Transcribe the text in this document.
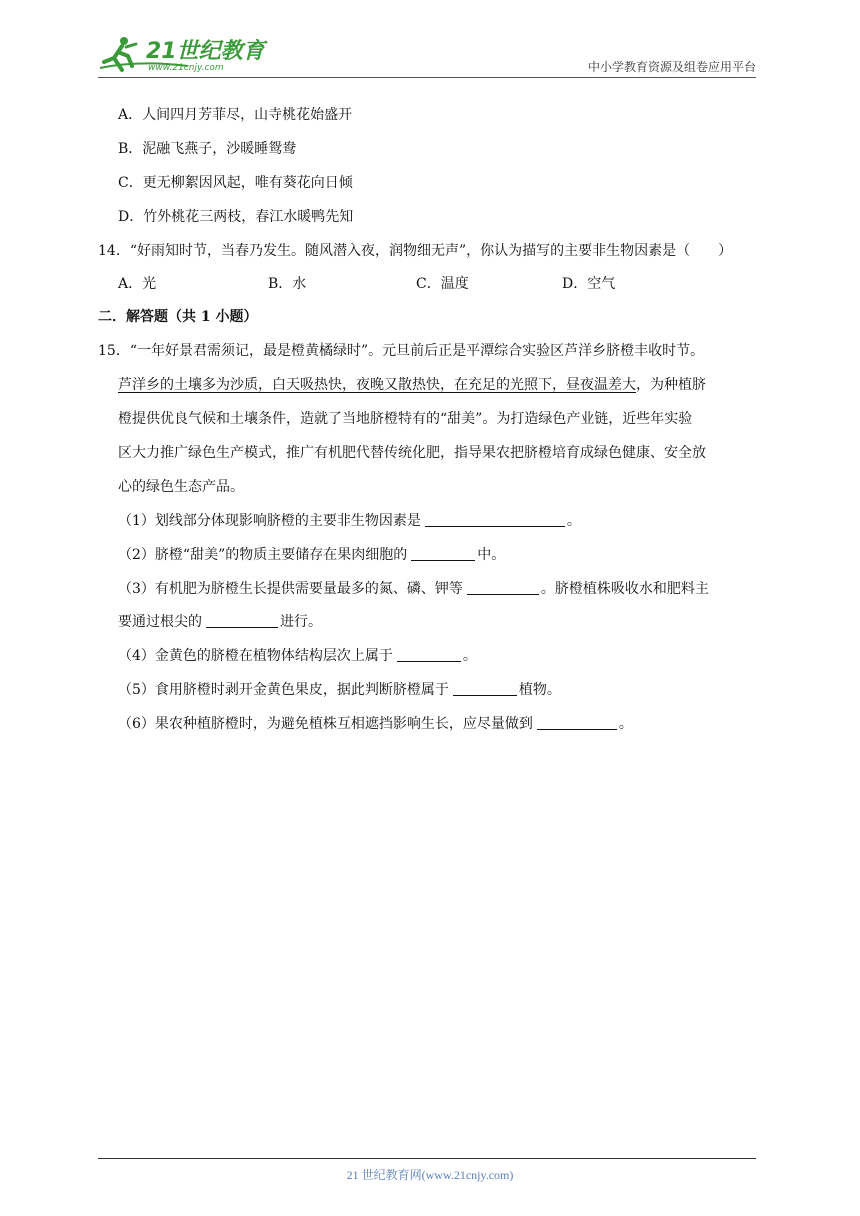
21世纪教育
www.21cnjy.com	中小学教育资源及组卷应用平台
A．人间四月芳菲尽，山寺桃花始盛开
B．泥融飞燕子，沙暖睡鸳鸯
C．更无柳絮因风起，唯有葵花向日倾
D．竹外桃花三两枝，春江水暖鸭先知
14．“好雨知时节，当春乃发生。随风潜入夜，润物细无声”，你认为描写的主要非生物因素是（　　）
A．光	B．水	C．温度	D．空气
二．解答题（共 1 小题）
15．“一年好景君需须记，最是橙黄橘绿时”。元旦前后正是平潭综合实验区芦洋乡脐橙丰收时节。
芦洋乡的土壤多为沙质，白天吸热快，夜晚又散热快，在充足的光照下，昼夜温差大，为种植脐
橙提供优良气候和土壤条件，造就了当地脐橙特有的“甜美”。为打造绿色产业链，近些年实验
区大力推广绿色生产模式，推广有机肥代替传统化肥，指导果农把脐橙培育成绿色健康、安全放
心的绿色生态产品。
（1）划线部分体现影响脐橙的主要非生物因素是	。
（2）脐橙“甜美”的物质主要储存在果肉细胞的	中。
（3）有机肥为脐橙生长提供需要量最多的氮、磷、钾等	。脐橙植株吸收水和肥料主
要通过根尖的	进行。
（4）金黄色的脐橙在植物体结构层次上属于	。
（5）食用脐橙时剥开金黄色果皮，据此判断脐橙属于	植物。
（6）果农种植脐橙时，为避免植株互相遮挡影响生长，应尽量做到	。
21 世纪教育网(www.21cnjy.com)
